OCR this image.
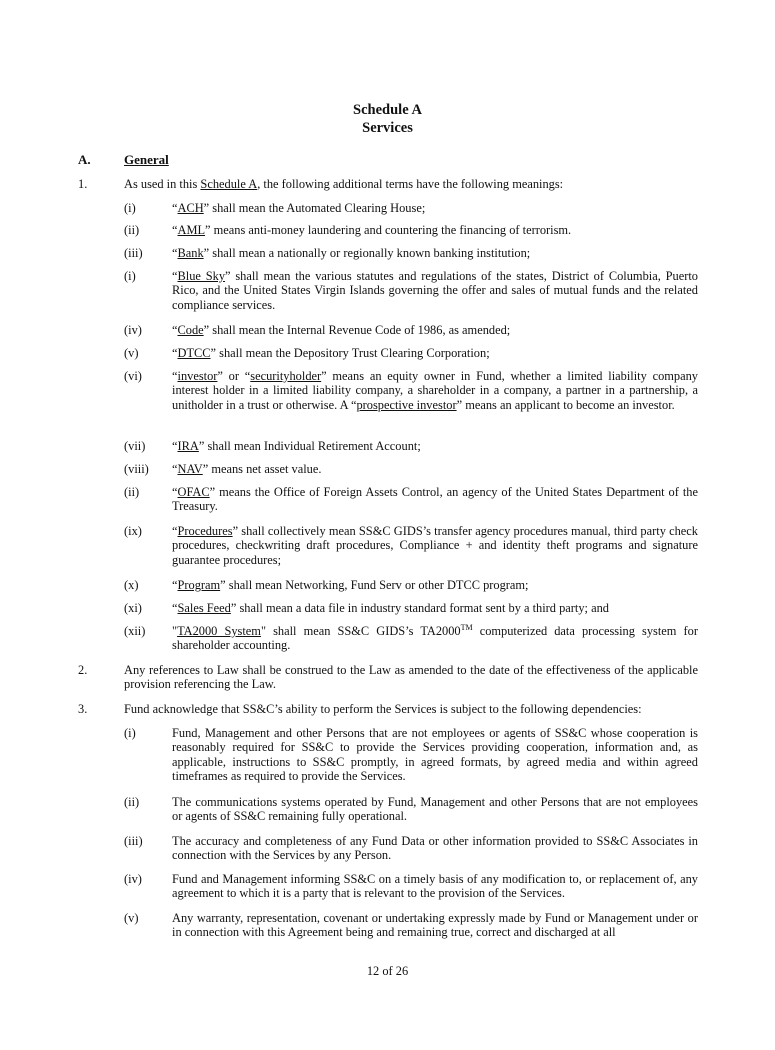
Schedule A
Services
A.	General
1.	As used in this Schedule A, the following additional terms have the following meanings:
(i)	“ACH” shall mean the Automated Clearing House;
(ii)	“AML” means anti-money laundering and countering the financing of terrorism.
(iii) “Bank” shall mean a nationally or regionally known banking institution;
(i)	“Blue Sky” shall mean the various statutes and regulations of the states, District of Columbia, Puerto Rico, and the United States Virgin Islands governing the offer and sales of mutual funds and the related compliance services.
(iv) “Code” shall mean the Internal Revenue Code of 1986, as amended;
(v)	“DTCC” shall mean the Depository Trust Clearing Corporation;
(vi) “investor” or “securityholder” means an equity owner in Fund, whether a limited liability company interest holder in a limited liability company, a shareholder in a company, a partner in a partnership, a unitholder in a trust or otherwise. A “prospective investor” means an applicant to become an investor.
(vii) “IRA” shall mean Individual Retirement Account;
(viii) “NAV” means net asset value.
(ii)	“OFAC” means the Office of Foreign Assets Control, an agency of the United States Department of the Treasury.
(ix) “Procedures” shall collectively mean SS&C GIDS’s transfer agency procedures manual, third party check procedures, checkwriting draft procedures, Compliance + and identity theft programs and signature guarantee procedures;
(x)	“Program” shall mean Networking, Fund Serv or other DTCC program;
(xi) “Sales Feed” shall mean a data file in industry standard format sent by a third party; and
(xii) "TA2000 System" shall mean SS&C GIDS’s TA2000™ computerized data processing system for shareholder accounting.
2.	Any references to Law shall be construed to the Law as amended to the date of the effectiveness of the applicable provision referencing the Law.
3.	Fund acknowledge that SS&C’s ability to perform the Services is subject to the following dependencies:
(i)	Fund, Management and other Persons that are not employees or agents of SS&C whose cooperation is reasonably required for SS&C to provide the Services providing cooperation, information and, as applicable, instructions to SS&C promptly, in agreed formats, by agreed media and within agreed timeframes as required to provide the Services.
(ii)	The communications systems operated by Fund, Management and other Persons that are not employees or agents of SS&C remaining fully operational.
(iii) The accuracy and completeness of any Fund Data or other information provided to SS&C Associates in connection with the Services by any Person.
(iv) Fund and Management informing SS&C on a timely basis of any modification to, or replacement of, any agreement to which it is a party that is relevant to the provision of the Services.
(v)	Any warranty, representation, covenant or undertaking expressly made by Fund or Management under or in connection with this Agreement being and remaining true, correct and discharged at all
12 of 26
